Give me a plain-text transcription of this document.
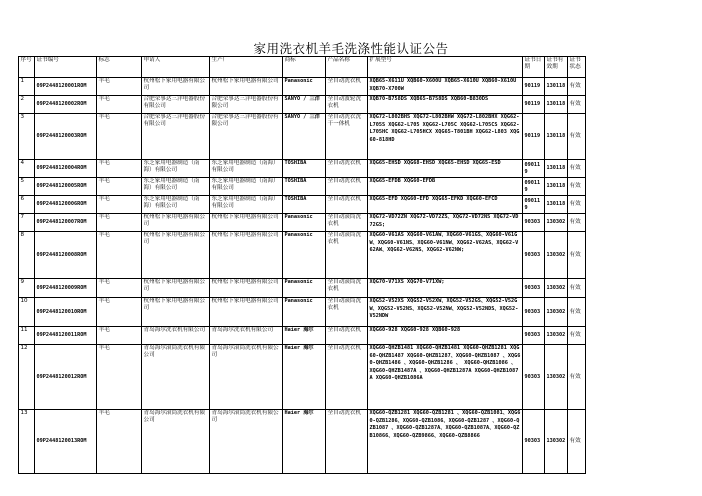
家用洗衣机羊毛洗涤性能认证公告
序号	证书编号	标志	申请人	生产厂	商标	产品名称	扩展型号	证书日期	证书有效期	证书状态
1	09P2448120001ROM	羊毛	杭州松下家用电器有限公司	杭州松下家用电器有限公司	Panasonic	全自动洗衣机	XQB65-X611U XQB60-X600U XQB65-X610U XQB60-X610U XQB70-X700W	90119	130118	有效
2	09P2448120002ROM	羊毛	合肥荣事达三洋电器股份有限公司	合肥荣事达三洋电器股份有限公司	SANYO / 三洋	全自动波轮洗衣机	XQB70-B758DS XQB65-B758DS XQB60-B830DS	90119	130118	有效
3	09P2448120003ROM	羊毛	合肥荣事达三洋电器股份有限公司	合肥荣事达三洋电器股份有限公司	SANYO / 三洋	全自动洗衣洗干一体机	XQG72-L802BHS XQG72-L802BHW XQG72-L802BHX XQG62-L705S XQG62-L705 XQG62-L705C XQG62-L705CS XQG62-L705HC XQG62-L705HCX XQG65-T801BH XQG62-L803 XQG60-818HD	90119	130118	有效
4	09P2448120004ROM	羊毛	东芝家用电器制造（南海）有限公司	东芝家用电器制造（南海）有限公司	TOSHIBA	全自动洗衣机	XQG65-EHSD XQG68-EHSD XQG65-EHSD XQG65-ESD	090119	130118	有效
5	09P2448120005ROM	羊毛	东芝家用电器制造（南海）有限公司	东芝家用电器制造（南海）有限公司	TOSHIBA	全自动洗衣机	XQG65-EFDB XQG60-EFDB	090119	130118	有效
6	09P2448120006ROM	羊毛	东芝家用电器制造（南海）有限公司	东芝家用电器制造（南海）有限公司	TOSHIBA	全自动洗衣机	XQG65-EFD XQG60-EFD XQG65-EFKD XQG60-EFCD	090119	130118	有效
7	09P2448120007ROM	羊毛	杭州松下家用电器有限公司	杭州松下家用电器有限公司	Panasonic	全自动滚筒洗衣机	XQG72-VD72ZN XQG72-VD72ZS、XQG72-VD72NS XQG72-VD72GS;	90303	130302	有效
8	09P2448120008ROM	羊毛	杭州松下家用电器有限公司	杭州松下家用电器有限公司	Panasonic	全自动滚筒洗衣机	XQG60-V61AS XQG60-V61AW、XQG60-V61GS、XQG60-V61GW、XQG60-V61NS、XQG60-V61NW、XQG62-V62AS、XQG62-V62AW、XQG62-V62NS、XQG62-V62NW;	90303	130302	有效
9	09P2448120009ROM	羊毛	杭州松下家用电器有限公司	杭州松下家用电器有限公司	Panasonic	全自动滚筒洗衣机	XQG70-V71XS XQG70-V71XW;	90303	130302	有效
10	09P2448120010ROM	羊毛	杭州松下家用电器有限公司	杭州松下家用电器有限公司	Panasonic	全自动滚筒洗衣机	XQG52-V52XS XQG52-V52XW、XQG52-V52GS、XQG52-V52GW、XQG52-V52NS、XQG52-V52NW、XQG52-V52NDS、XQG52-V52NDW	90303	130302	有效
11	09P2448120011ROM	羊毛	青岛海尔洗衣机有限公司	青岛海尔洗衣机有限公司	Haier 海尔	全自动洗衣机	XQG60-928 XQG60-928 XQB60-928	90303	130302	有效
12	09P2448120012ROM	羊毛	青岛海尔滚筒洗衣机有限公司	青岛海尔滚筒洗衣机有限公司	Haier 海尔	全自动洗衣机	XQG60-QHZB1481 XQG60-QHZB1481 XQG60-QHZB1281 XQG60-QHZB1487 XQG60-QHZB1287、XQG60-QHZB1087 、XQG60-QHZB1486 、XQG60-QHZB1286 、 XQG60-QHZB1086 、 XQG60-QHZB1487A 、XQG60-QHZB1287A XQG60-QHZB1087A XQG60-QHZB1086A	90303	130302	有效
13	09P2448120013ROM	羊毛	青岛海尔滚筒洗衣机有限公司	青岛海尔滚筒洗衣机有限公司	Haier 海尔	全自动洗衣机	XQG60-QZB1281 XQG60-QZB1281 、XQG60-QZB1081、XQG60-QZB1286、XQG60-QZB1086、XQG60-QZB1287 、XQG60-QZB1087 、XQG60-QZB1287A、XQG60-QZB1087A、XQG60-QZB10866、XQG60-QZB9866、XQG60-QZB8866	90303	130302	有效
